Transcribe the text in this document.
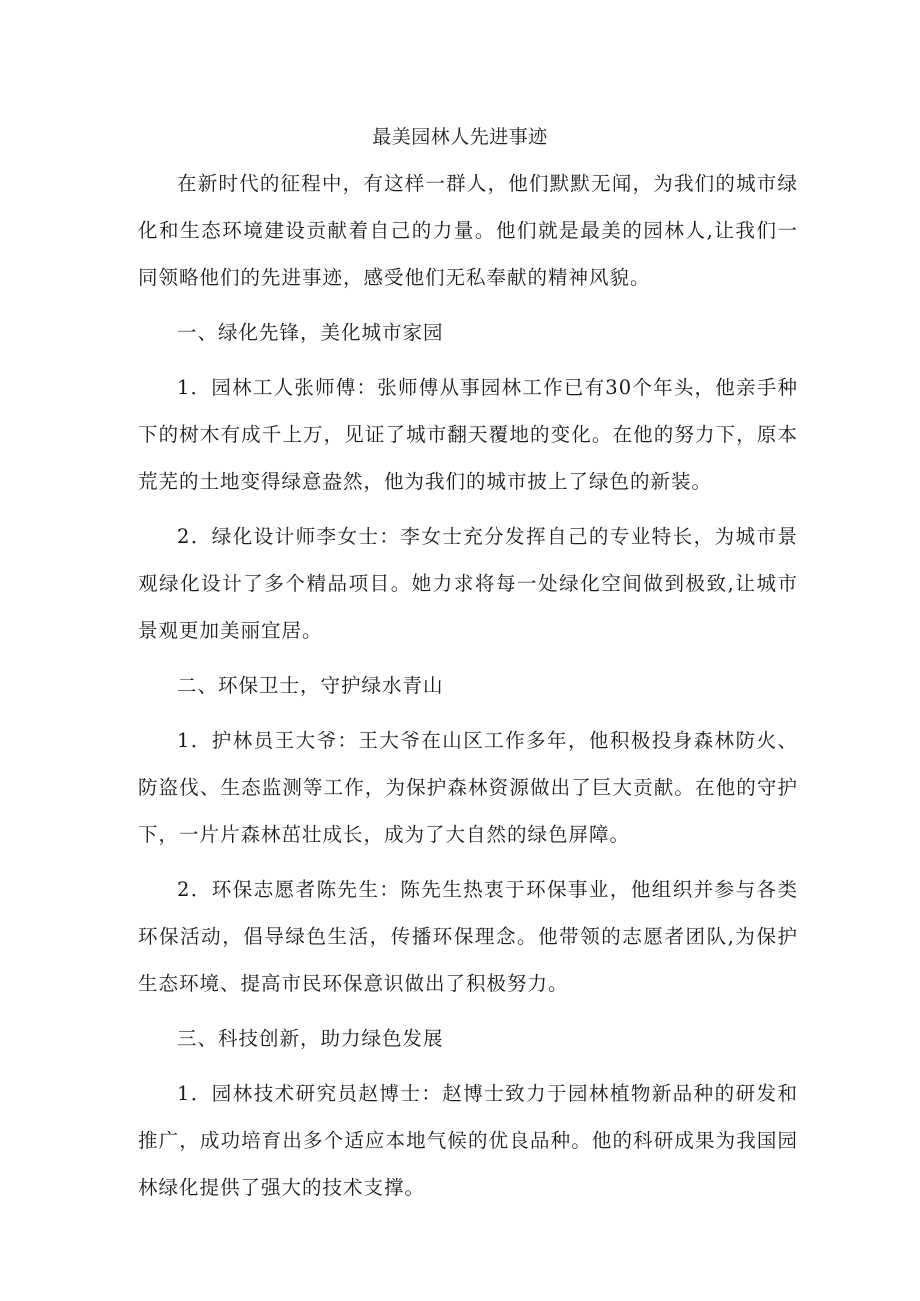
最美园林人先进事迹

在新时代的征程中，有这样一群人，他们默默无闻，为我们的城市绿化和生态环境建设贡献着自己的力量。他们就是最美的园林人,让我们一同领略他们的先进事迹，感受他们无私奉献的精神风貌。

一、绿化先锋，美化城市家园

1．园林工人张师傅：张师傅从事园林工作已有30个年头，他亲手种下的树木有成千上万，见证了城市翻天覆地的变化。在他的努力下，原本荒芜的土地变得绿意盎然，他为我们的城市披上了绿色的新装。

2．绿化设计师李女士：李女士充分发挥自己的专业特长，为城市景观绿化设计了多个精品项目。她力求将每一处绿化空间做到极致,让城市景观更加美丽宜居。

二、环保卫士，守护绿水青山

1．护林员王大爷：王大爷在山区工作多年，他积极投身森林防火、防盗伐、生态监测等工作，为保护森林资源做出了巨大贡献。在他的守护下，一片片森林茁壮成长，成为了大自然的绿色屏障。

2．环保志愿者陈先生：陈先生热衷于环保事业，他组织并参与各类环保活动，倡导绿色生活，传播环保理念。他带领的志愿者团队,为保护生态环境、提高市民环保意识做出了积极努力。

三、科技创新，助力绿色发展

1．园林技术研究员赵博士：赵博士致力于园林植物新品种的研发和推广，成功培育出多个适应本地气候的优良品种。他的科研成果为我国园林绿化提供了强大的技术支撑。
